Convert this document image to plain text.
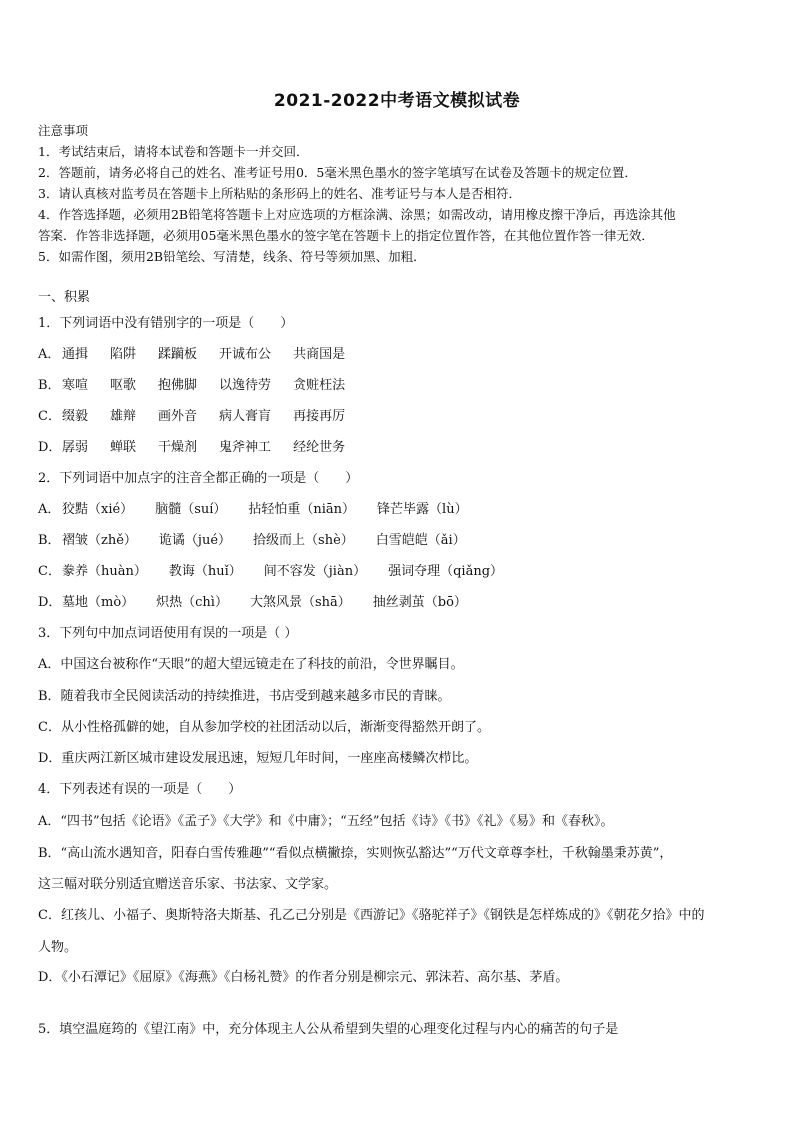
2021-2022中考语文模拟试卷
注意事项
1．考试结束后，请将本试卷和答题卡一并交回．
2．答题前，请务必将自己的姓名、准考证号用0．5毫米黑色墨水的签字笔填写在试卷及答题卡的规定位置．
3．请认真核对监考员在答题卡上所粘贴的条形码上的姓名、准考证号与本人是否相符．
4．作答选择题，必须用2B铅笔将答题卡上对应选项的方框涂满、涂黑；如需改动，请用橡皮擦干净后，再选涂其他
答案．作答非选择题，必须用05毫米黑色墨水的签字笔在答题卡上的指定位置作答，在其他位置作答一律无效．
5．如需作图，须用2B铅笔绘、写清楚，线条、符号等须加黑、加粗．
一、积累
1．下列词语中没有错别字的一项是（　　）
A． 通揖 陷阱 蹂躏板 开诚布公 共商国是
B．寒喧 呕歌 抱佛脚 以逸待劳 贪赃枉法
C．缀毅 雄辩 画外音 病人膏肓 再接再厉
D．孱弱 蝉联 干燥剂 鬼斧神工 经纶世务
2．下列词语中加点字的注音全都正确的一项是（　　）
A． 狡黠（xié） 脑髓（suí） 拈轻怕重（niān） 锋芒毕露（lù）
B．褶皱（zhě） 诡谲（jué） 拾级而上（shè） 白雪皑皑（ǎi）
C．豢养（huàn） 教诲（huǐ） 间不容发（jiàn） 强词夺理（qiǎng）
D．墓地（mò） 炽热（chì） 大煞风景（shā） 抽丝剥茧（bō）
3．下列句中加点词语使用有误的一项是（ ）
A．中国这台被称作“天眼”的超大望远镜走在了科技的前沿，令世界瞩目。
B．随着我市全民阅读活动的持续推进，书店受到越来越多市民的青睐。
C．从小性格孤僻的她，自从参加学校的社团活动以后，渐渐变得豁然开朗了。
D．重庆两江新区城市建设发展迅速，短短几年时间，一座座高楼鳞次栉比。
4．下列表述有误的一项是（　　）
A．“四书”包括《论语》《孟子》《大学》和《中庸》；“五经”包括《诗》《书》《礼》《易》和《春秋》。
B．“高山流水遇知音，阳春白雪传雅趣”“看似点横撇捺，实则恢弘豁达”“万代文章尊李杜，千秋翰墨秉苏黄”，
这三幅对联分别适宜赠送音乐家、书法家、文学家。
C．红孩儿、小福子、奥斯特洛夫斯基、孔乙己分别是《西游记》《骆驼祥子》《钢铁是怎样炼成的》《朝花夕拾》中的
人物。
D．《小石潭记》《屈原》《海燕》《白杨礼赞》的作者分别是柳宗元、郭沫若、高尔基、茅盾。
5．填空温庭筠的《望江南》中，充分体现主人公从希望到失望的心理变化过程与内心的痛苦的句子是
